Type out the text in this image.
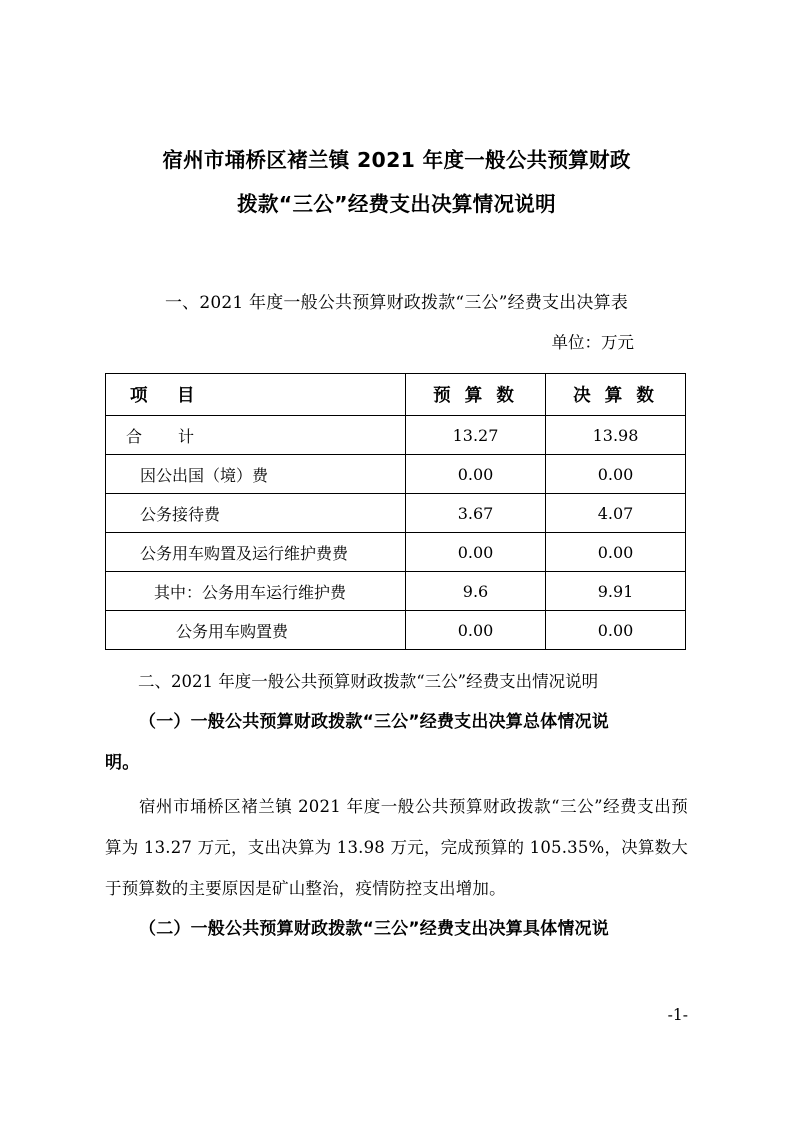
宿州市埇桥区褚兰镇 2021 年度一般公共预算财政
拨款“三公”经费支出决算情况说明
一、2021 年度一般公共预算财政拨款“三公”经费支出决算表
单位：万元
项　目	预 算 数	决 算 数
合　计	13.27	13.98
因公出国（境）费	0.00	0.00
公务接待费	3.67	4.07
公务用车购置及运行维护费费	0.00	0.00
其中：公务用车运行维护费	9.6	9.91
公务用车购置费	0.00	0.00
二、2021 年度一般公共预算财政拨款“三公”经费支出情况说明
（一）一般公共预算财政拨款“三公”经费支出决算总体情况说
明。
宿州市埇桥区褚兰镇 2021 年度一般公共预算财政拨款“三公”经费支出预算为 13.27 万元，支出决算为 13.98 万元，完成预算的 105.35%，决算数大于预算数的主要原因是矿山整治，疫情防控支出增加。
（二）一般公共预算财政拨款“三公”经费支出决算具体情况说
-1-
